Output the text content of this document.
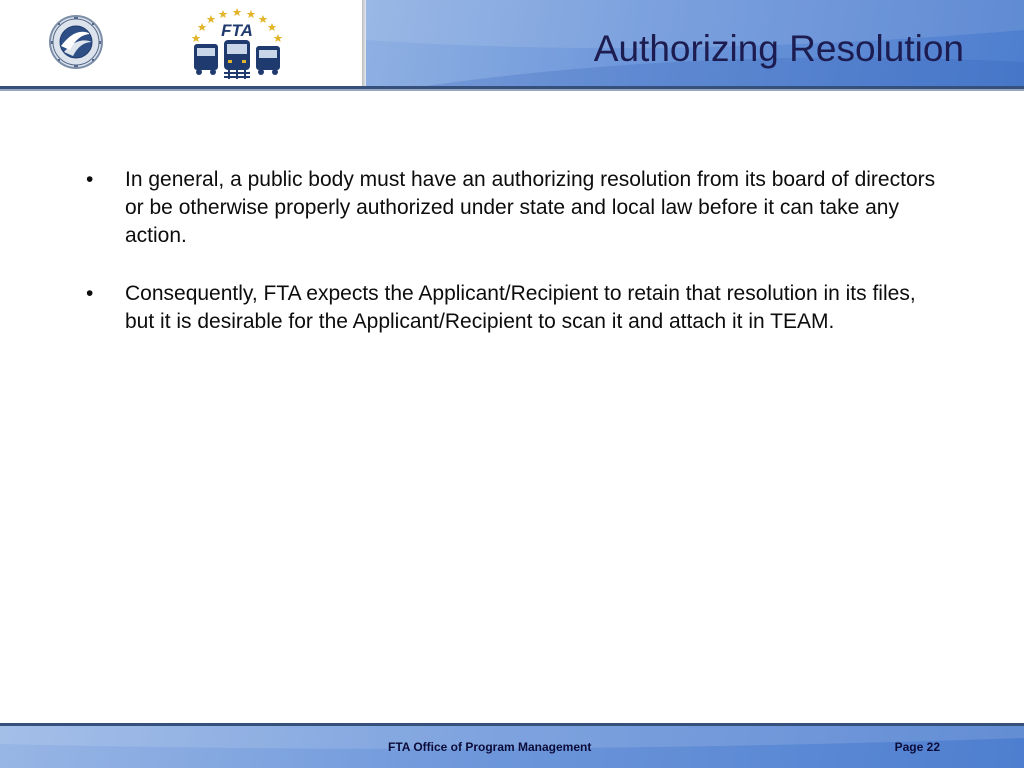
FTA	Authorizing Resolution
•	In general, a public body must have an authorizing resolution from its board of directors or be otherwise properly authorized under state and local law before it can take any action.
•	Consequently, FTA expects the Applicant/Recipient to retain that resolution in its files, but it is desirable for the Applicant/Recipient to scan it and attach it in TEAM.
FTA Office of Program Management	Page 22
